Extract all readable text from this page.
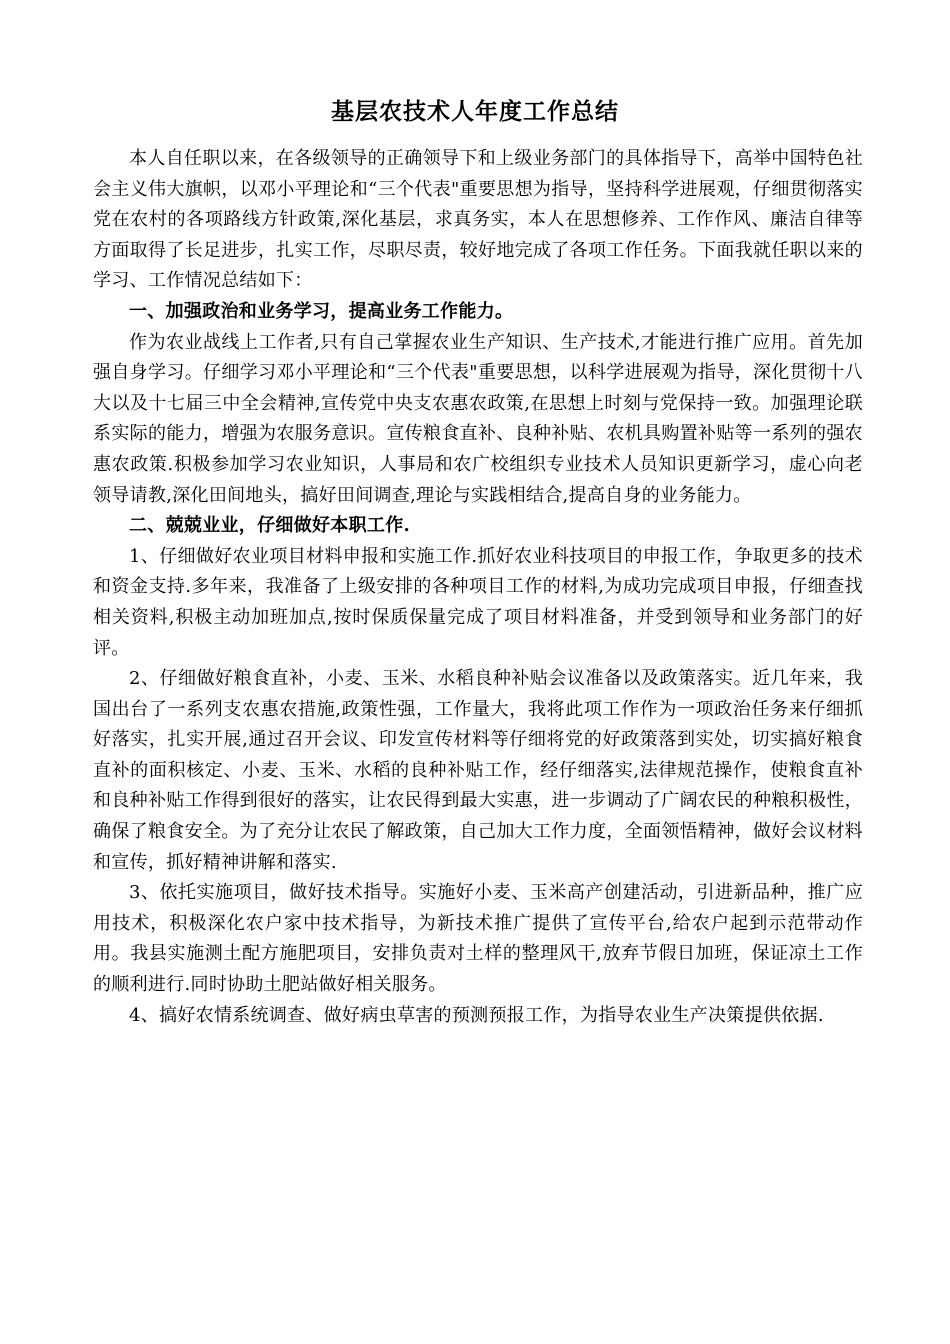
基层农技术人年度工作总结

本人自任职以来，在各级领导的正确领导下和上级业务部门的具体指导下，高举中国特色社会主义伟大旗帜，以邓小平理论和“三个代表"重要思想为指导，坚持科学进展观，仔细贯彻落实党在农村的各项路线方针政策,深化基层，求真务实，本人在思想修养、工作作风、廉洁自律等方面取得了长足进步，扎实工作，尽职尽责，较好地完成了各项工作任务。下面我就任职以来的学习、工作情况总结如下：

一、加强政治和业务学习，提高业务工作能力。

作为农业战线上工作者,只有自己掌握农业生产知识、生产技术,才能进行推广应用。首先加强自身学习。仔细学习邓小平理论和“三个代表"重要思想，以科学进展观为指导，深化贯彻十八大以及十七届三中全会精神,宣传党中央支农惠农政策,在思想上时刻与党保持一致。加强理论联系实际的能力，增强为农服务意识。宣传粮食直补、良种补贴、农机具购置补贴等一系列的强农惠农政策.积极参加学习农业知识，人事局和农广校组织专业技术人员知识更新学习，虚心向老领导请教,深化田间地头，搞好田间调查,理论与实践相结合,提高自身的业务能力。

二、兢兢业业，仔细做好本职工作.

1、仔细做好农业项目材料申报和实施工作.抓好农业科技项目的申报工作，争取更多的技术和资金支持.多年来，我准备了上级安排的各种项目工作的材料,为成功完成项目申报，仔细查找相关资料,积极主动加班加点,按时保质保量完成了项目材料准备，并受到领导和业务部门的好评。

2、仔细做好粮食直补，小麦、玉米、水稻良种补贴会议准备以及政策落实。近几年来，我国出台了一系列支农惠农措施,政策性强，工作量大，我将此项工作作为一项政治任务来仔细抓好落实，扎实开展,通过召开会议、印发宣传材料等仔细将党的好政策落到实处，切实搞好粮食直补的面积核定、小麦、玉米、水稻的良种补贴工作，经仔细落实,法律规范操作，使粮食直补和良种补贴工作得到很好的落实，让农民得到最大实惠，进一步调动了广阔农民的种粮积极性，确保了粮食安全。为了充分让农民了解政策，自己加大工作力度，全面领悟精神，做好会议材料和宣传，抓好精神讲解和落实.

3、依托实施项目，做好技术指导。实施好小麦、玉米高产创建活动，引进新品种，推广应用技术，积极深化农户家中技术指导，为新技术推广提供了宣传平台,给农户起到示范带动作用。我县实施测土配方施肥项目，安排负责对土样的整理风干,放弃节假日加班，保证凉土工作的顺利进行.同时协助土肥站做好相关服务。

4、搞好农情系统调查、做好病虫草害的预测预报工作，为指导农业生产决策提供依据.
